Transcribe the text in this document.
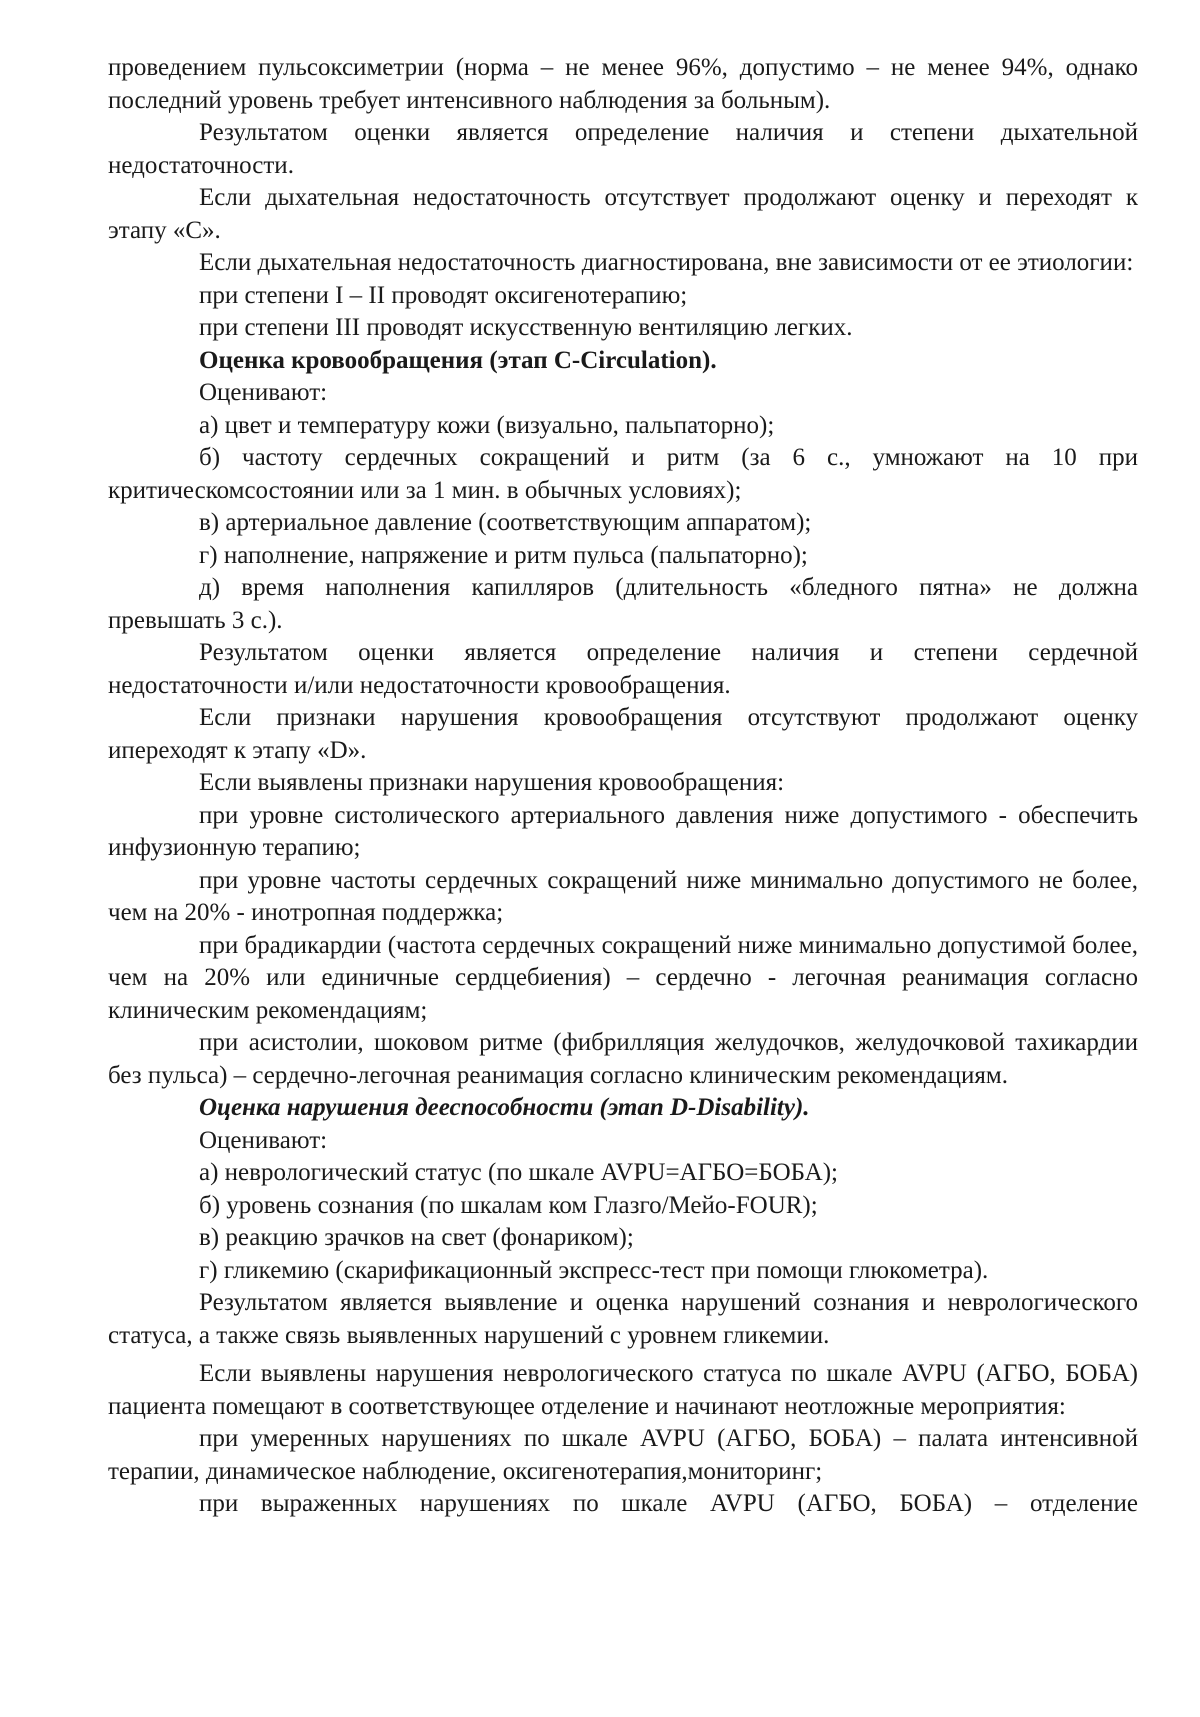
проведением пульсоксиметрии (норма – не менее 96%, допустимо – не менее 94%, однако последний уровень требует интенсивного наблюдения за больным).

Результатом оценки является определение наличия и степени дыхательной недостаточности.

Если дыхательная недостаточность отсутствует продолжают оценку и переходят к этапу «С».

Если дыхательная недостаточность диагностирована, вне зависимости от ее этиологии:

при степени I – II проводят оксигенотерапию;

при степени III проводят искусственную вентиляцию легких.

Оценка кровообращения (этап С-Circulation).

Оценивают:

а) цвет и температуру кожи (визуально, пальпаторно);

б) частоту сердечных сокращений и ритм (за 6 с., умножают на 10 при критическомсостоянии или за 1 мин. в обычных условиях);

в) артериальное давление (соответствующим аппаратом);

г) наполнение, напряжение и ритм пульса (пальпаторно);

д) время наполнения капилляров (длительность «бледного пятна» не должна превышать 3 с.).

Результатом оценки является определение наличия и степени сердечной недостаточности и/или недостаточности кровообращения.

Если признаки нарушения кровообращения отсутствуют продолжают оценку ипереходят к этапу «D».

Если выявлены признаки нарушения кровообращения:

при уровне систолического артериального давления ниже допустимого - обеспечить инфузионную терапию;

при уровне частоты сердечных сокращений ниже минимально допустимого не более, чем на 20% - инотропная поддержка;

при брадикардии (частота сердечных сокращений ниже минимально допустимой более, чем на 20% или единичные сердцебиения) – сердечно - легочная реанимация согласно клиническим рекомендациям;

при асистолии, шоковом ритме (фибрилляция желудочков, желудочковой тахикардии без пульса) – сердечно-легочная реанимация согласно клиническим рекомендациям.

Оценка нарушения дееспособности (этап D-Disability).

Оценивают:

а) неврологический статус (по шкале AVPU=АГБО=БОБА);

б) уровень сознания (по шкалам ком Глазго/Мейо-FOUR);

в) реакцию зрачков на свет (фонариком);

г) гликемию (скарификационный экспресс-тест при помощи глюкометра).

Результатом является выявление и оценка нарушений сознания и неврологического статуса, а также связь выявленных нарушений с уровнем гликемии.

Если выявлены нарушения неврологического статуса по шкале AVPU (АГБО, БОБА) пациента помещают в соответствующее отделение и начинают неотложные мероприятия:

при умеренных нарушениях по шкале AVPU (АГБО, БОБА) – палата интенсивной терапии, динамическое наблюдение, оксигенотерапия,мониторинг;

при выраженных нарушениях по шкале AVPU (АГБО, БОБА) – отделение
